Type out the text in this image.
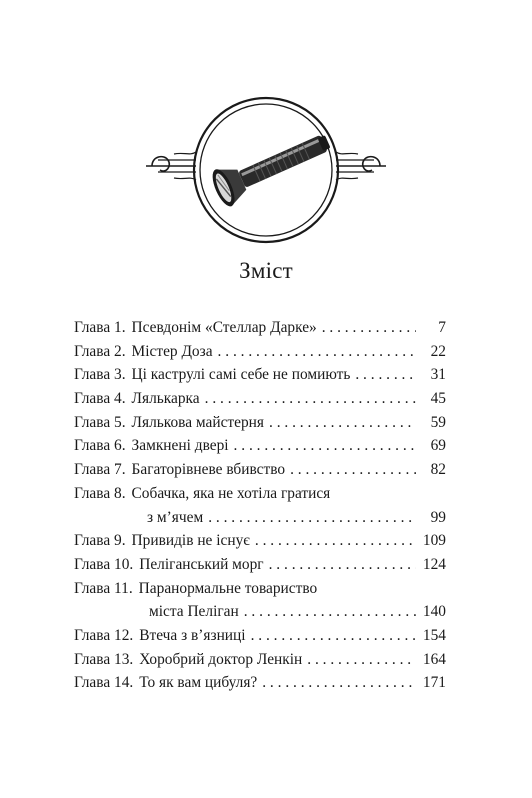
Зміст
Глава 1. Псевдонім «Стеллар Дарке» . . .	7
Глава 2. Містер Доза . . .	22
Глава 3. Ці каструлі самі себе не помиють . . .	31
Глава 4. Лялькарка . . .	45
Глава 5. Лялькова майстерня . . .	59
Глава 6. Замкнені двері . . .	69
Глава 7. Багаторівневе вбивство . . .	82
Глава 8. Собачка, яка не хотіла гратися
з м’ячем . . .	99
Глава 9. Привидів не існує . . .	109
Глава 10. Пеліганський морг . . .	124
Глава 11. Паранормальне товариство
міста Пеліган . . .	140
Глава 12. Втеча з в’язниці . . .	154
Глава 13. Хоробрий доктор Ленкін . . .	164
Глава 14. То як вам цибуля? . . .	171
